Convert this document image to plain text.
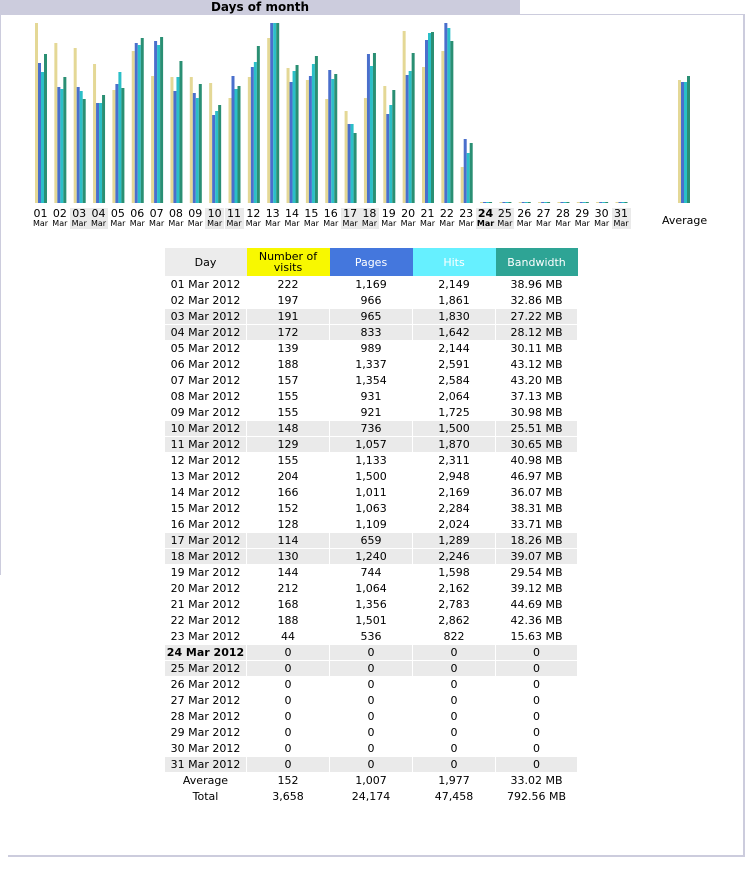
Days of month
01
Mar
02
Mar
03
Mar
04
Mar
05
Mar
06
Mar
07
Mar
08
Mar
09
Mar
10
Mar
11
Mar
12
Mar
13
Mar
14
Mar
15
Mar
16
Mar
17
Mar
18
Mar
19
Mar
20
Mar
21
Mar
22
Mar
23
Mar
24
Mar
25
Mar
26
Mar
27
Mar
28
Mar
29
Mar
30
Mar
31
Mar	Average
Day	Number of visits	Pages	Hits	Bandwidth
01 Mar 2012	222	1,169	2,149	38.96 MB
02 Mar 2012	197	966	1,861	32.86 MB
03 Mar 2012	191	965	1,830	27.22 MB
04 Mar 2012	172	833	1,642	28.12 MB
05 Mar 2012	139	989	2,144	30.11 MB
06 Mar 2012	188	1,337	2,591	43.12 MB
07 Mar 2012	157	1,354	2,584	43.20 MB
08 Mar 2012	155	931	2,064	37.13 MB
09 Mar 2012	155	921	1,725	30.98 MB
10 Mar 2012	148	736	1,500	25.51 MB
11 Mar 2012	129	1,057	1,870	30.65 MB
12 Mar 2012	155	1,133	2,311	40.98 MB
13 Mar 2012	204	1,500	2,948	46.97 MB
14 Mar 2012	166	1,011	2,169	36.07 MB
15 Mar 2012	152	1,063	2,284	38.31 MB
16 Mar 2012	128	1,109	2,024	33.71 MB
17 Mar 2012	114	659	1,289	18.26 MB
18 Mar 2012	130	1,240	2,246	39.07 MB
19 Mar 2012	144	744	1,598	29.54 MB
20 Mar 2012	212	1,064	2,162	39.12 MB
21 Mar 2012	168	1,356	2,783	44.69 MB
22 Mar 2012	188	1,501	2,862	42.36 MB
23 Mar 2012	44	536	822	15.63 MB
24 Mar 2012	0	0	0	0
25 Mar 2012	0	0	0	0
26 Mar 2012	0	0	0	0
27 Mar 2012	0	0	0	0
28 Mar 2012	0	0	0	0
29 Mar 2012	0	0	0	0
30 Mar 2012	0	0	0	0
31 Mar 2012	0	0	0	0
Average	152	1,007	1,977	33.02 MB
Total	3,658	24,174	47,458	792.56 MB
